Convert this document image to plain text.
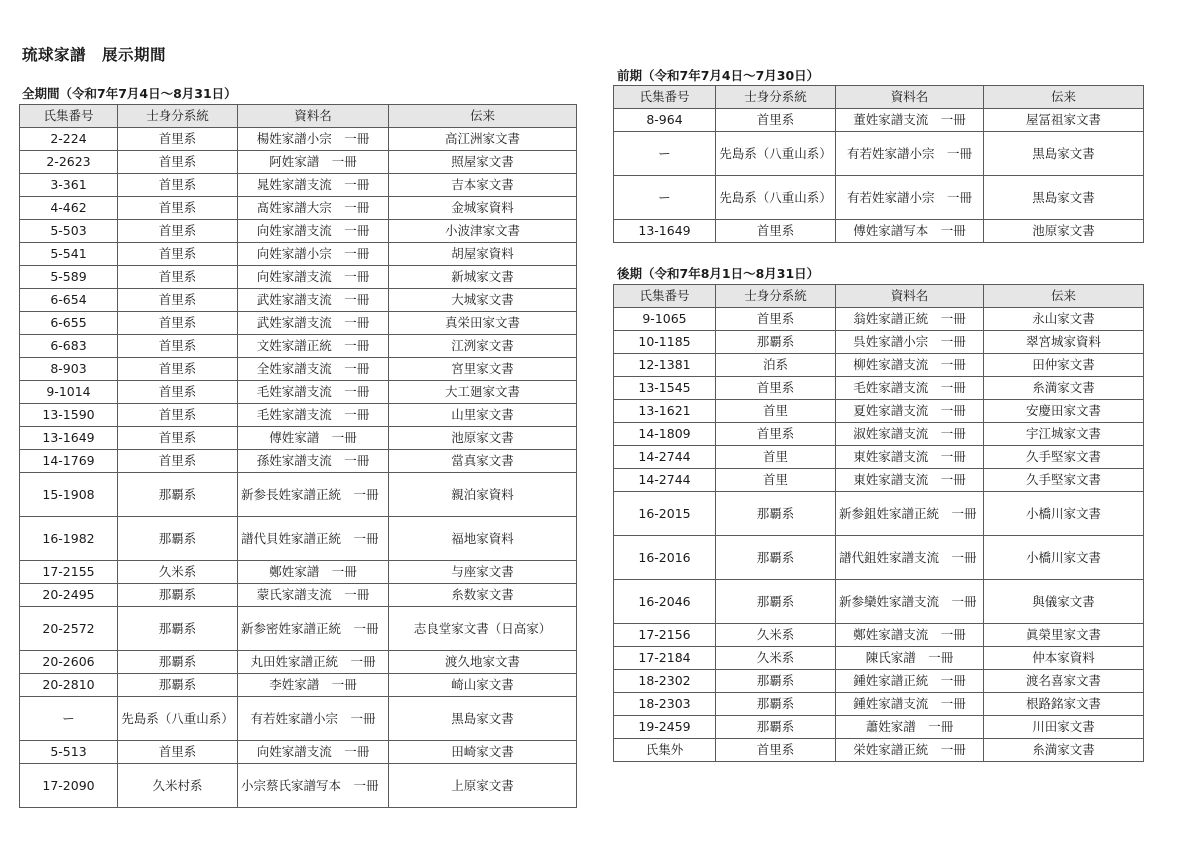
琉球家譜　展示期間
全期間（令和7年7月4日～8月31日）
氏集番号	士身分系統	資料名	伝来
2-224	首里系	楊姓家譜小宗　一冊	高江洲家文書
2-2623	首里系	阿姓家譜　一冊	照屋家文書
3-361	首里系	晁姓家譜支流　一冊	吉本家文書
4-462	首里系	髙姓家譜大宗　一冊	金城家資料
5-503	首里系	向姓家譜支流　一冊	小波津家文書
5-541	首里系	向姓家譜小宗　一冊	胡屋家資料
5-589	首里系	向姓家譜支流　一冊	新城家文書
6-654	首里系	武姓家譜支流　一冊	大城家文書
6-655	首里系	武姓家譜支流　一冊	真栄田家文書
6-683	首里系	文姓家譜正統　一冊	江洌家文書
8-903	首里系	全姓家譜支流　一冊	宮里家文書
9-1014	首里系	毛姓家譜支流　一冊	大工廻家文書
13-1590	首里系	毛姓家譜支流　一冊	山里家文書
13-1649	首里系	傅姓家譜　一冊	池原家文書
14-1769	首里系	孫姓家譜支流　一冊	當真家文書
15-1908	那覇系	新参長姓家譜正統　一冊	親泊家資料
16-1982	那覇系	譜代貝姓家譜正統　一冊	福地家資料
17-2155	久米系	鄭姓家譜　一冊	与座家文書
20-2495	那覇系	蒙氏家譜支流　一冊	糸数家文書
20-2572	那覇系	新参密姓家譜正統　一冊	志良堂家文書（日高家）
20-2606	那覇系	丸田姓家譜正統　一冊	渡久地家文書
20-2810	那覇系	李姓家譜　一冊	崎山家文書
ー	先島系（八重山系）	有若姓家譜小宗　一冊	黒島家文書
5-513	首里系	向姓家譜支流　一冊	田崎家文書
17-2090	久米村系	小宗蔡氏家譜写本　一冊	上原家文書
前期（令和7年7月4日～7月30日）
氏集番号	士身分系統	資料名	伝来
8-964	首里系	董姓家譜支流　一冊	屋冨祖家文書
ー	先島系（八重山系）	有若姓家譜小宗　一冊	黒島家文書
ー	先島系（八重山系）	有若姓家譜小宗　一冊	黒島家文書
13-1649	首里系	傅姓家譜写本　一冊	池原家文書
後期（令和7年8月1日～8月31日）
氏集番号	士身分系統	資料名	伝来
9-1065	首里系	翁姓家譜正統　一冊	永山家文書
10-1185	那覇系	呉姓家譜小宗　一冊	翠宮城家資料
12-1381	泊系	柳姓家譜支流　一冊	田仲家文書
13-1545	首里系	毛姓家譜支流　一冊	糸満家文書
13-1621	首里	夏姓家譜支流　一冊	安慶田家文書
14-1809	首里系	淑姓家譜支流　一冊	宇江城家文書
14-2744	首里	東姓家譜支流　一冊	久手堅家文書
14-2744	首里	東姓家譜支流　一冊	久手堅家文書
16-2015	那覇系	新参鉏姓家譜正統　一冊	小橋川家文書
16-2016	那覇系	譜代鉏姓家譜支流　一冊	小橋川家文書
16-2046	那覇系	新参欒姓家譜支流　一冊	與儀家文書
17-2156	久米系	鄭姓家譜支流　一冊	眞榮里家文書
17-2184	久米系	陳氏家譜　一冊	仲本家資料
18-2302	那覇系	鍾姓家譜正統　一冊	渡名喜家文書
18-2303	那覇系	鍾姓家譜支流　一冊	根路銘家文書
19-2459	那覇系	蕭姓家譜　一冊	川田家文書
氏集外	首里系	栄姓家譜正統　一冊	糸満家文書
